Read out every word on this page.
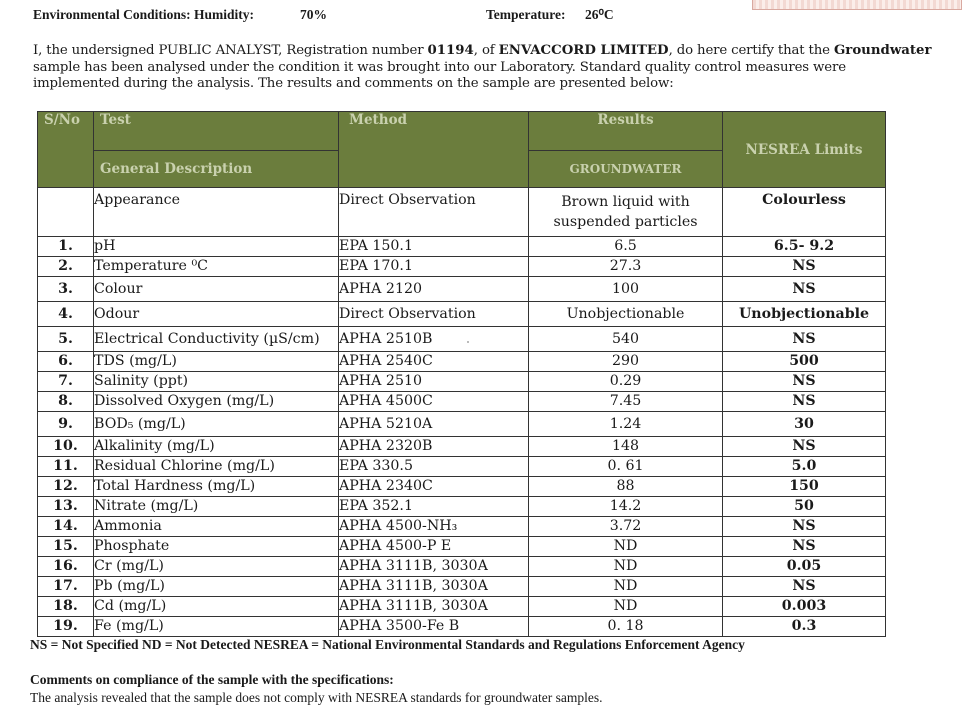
Environmental Conditions: Humidity:	70%	Temperature: 26⁰C
I, the undersigned PUBLIC ANALYST, Registration number 01194, of ENVACCORD LIMITED, do here certify that the Groundwater sample has been analysed under the condition it was brought into our Laboratory. Standard quality control measures were implemented during the analysis. The results and comments on the sample are presented below:
S/No	Test	Method	Results	NESREA Limits
	General Description		GROUNDWATER	
	Appearance	Direct Observation	Brown liquid with suspended particles	Colourless
1.	pH	EPA 150.1	6.5	6.5- 9.2
2.	Temperature ⁰C	EPA 170.1	27.3	NS
3.	Colour	APHA 2120	100	NS
4.	Odour	Direct Observation	Unobjectionable	Unobjectionable
5.	Electrical Conductivity (µS/cm)	APHA 2510B	540	NS
6.	TDS (mg/L)	APHA 2540C	290	500
7.	Salinity (ppt)	APHA 2510	0.29	NS
8.	Dissolved Oxygen (mg/L)	APHA 4500C	7.45	NS
9.	BOD₅ (mg/L)	APHA 5210A	1.24	30
10.	Alkalinity (mg/L)	APHA 2320B	148	NS
11.	Residual Chlorine (mg/L)	EPA 330.5	0. 61	5.0
12.	Total Hardness (mg/L)	APHA 2340C	88	150
13.	Nitrate (mg/L)	EPA 352.1	14.2	50
14.	Ammonia	APHA 4500-NH₃	3.72	NS
15.	Phosphate	APHA 4500-P E	ND	NS
16.	Cr (mg/L)	APHA 3111B, 3030A	ND	0.05
17.	Pb (mg/L)	APHA 3111B, 3030A	ND	NS
18.	Cd (mg/L)	APHA 3111B, 3030A	ND	0.003
19.	Fe (mg/L)	APHA 3500-Fe B	0. 18	0.3
NS = Not Specified ND = Not Detected NESREA = National Environmental Standards and Regulations Enforcement Agency
Comments on compliance of the sample with the specifications:
The analysis revealed that the sample does not comply with NESREA standards for groundwater samples.
